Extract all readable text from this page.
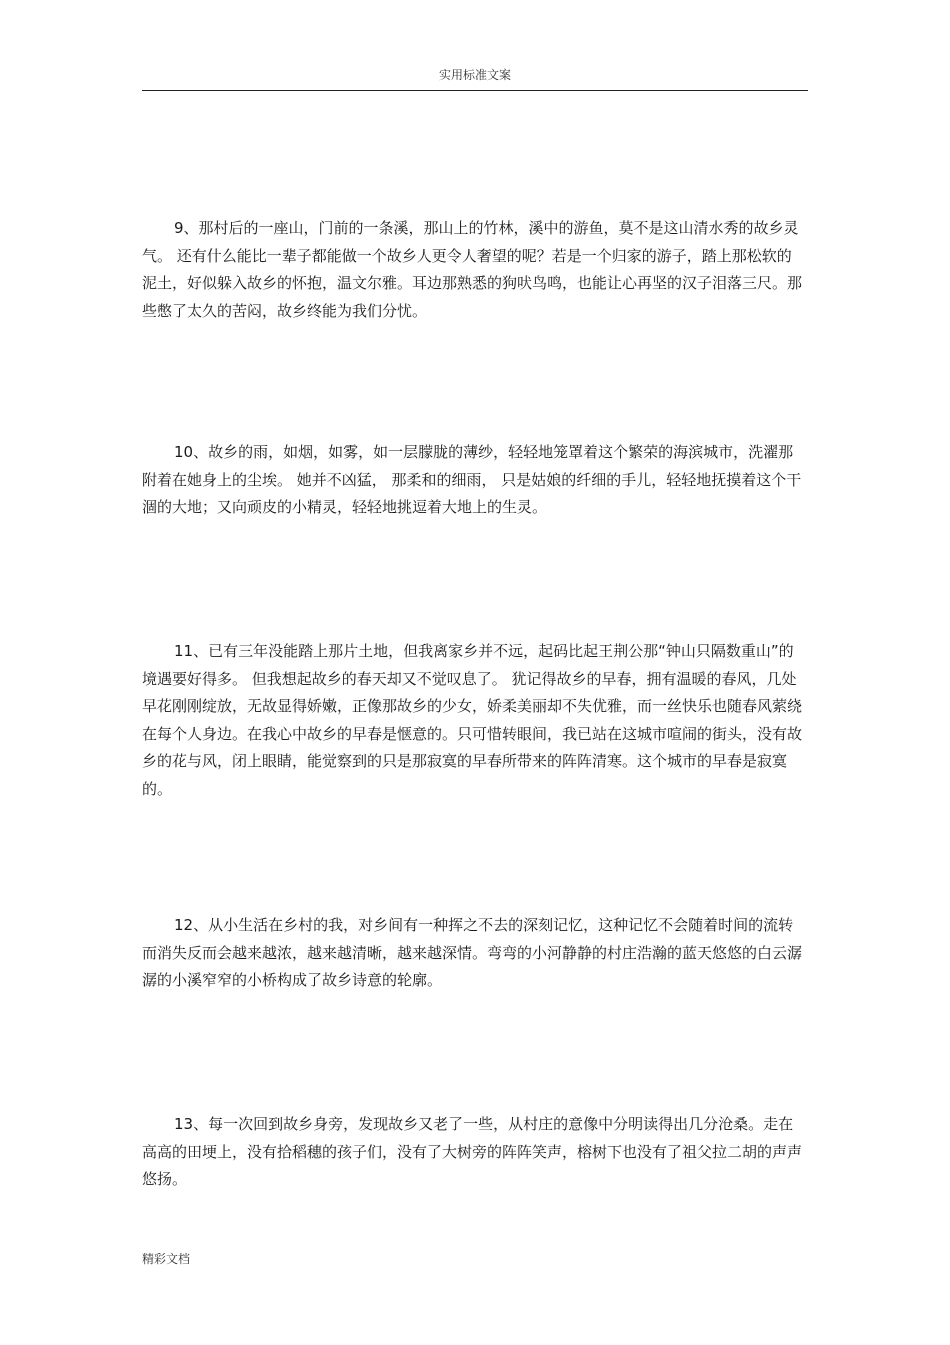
实用标准文案

9、那村后的一座山，门前的一条溪，那山上的竹林，溪中的游鱼，莫不是这山清水秀的故乡灵气。 还有什么能比一辈子都能做一个故乡人更令人奢望的呢？若是一个归家的游子，踏上那松软的泥土，好似躲入故乡的怀抱，温文尔雅。耳边那熟悉的狗吠鸟鸣，也能让心再坚的汉子泪落三尺。那些憋了太久的苦闷，故乡终能为我们分忧。

10、故乡的雨，如烟，如雾，如一层朦胧的薄纱，轻轻地笼罩着这个繁荣的海滨城市，洗濯那附着在她身上的尘埃。 她并不凶猛， 那柔和的细雨， 只是姑娘的纤细的手儿，轻轻地抚摸着这个干涸的大地；又向顽皮的小精灵，轻轻地挑逗着大地上的生灵。

11、已有三年没能踏上那片土地，但我离家乡并不远，起码比起王荆公那“钟山只隔数重山”的境遇要好得多。 但我想起故乡的春天却又不觉叹息了。 犹记得故乡的早春，拥有温暖的春风，几处早花刚刚绽放，无故显得娇嫩，正像那故乡的少女，娇柔美丽却不失优雅，而一丝快乐也随春风萦绕在每个人身边。在我心中故乡的早春是惬意的。只可惜转眼间，我已站在这城市喧闹的街头，没有故乡的花与风，闭上眼睛，能觉察到的只是那寂寞的早春所带来的阵阵清寒。这个城市的早春是寂寞的。

12、从小生活在乡村的我，对乡间有一种挥之不去的深刻记忆，这种记忆不会随着时间的流转而消失反而会越来越浓，越来越清晰，越来越深情。弯弯的小河静静的村庄浩瀚的蓝天悠悠的白云潺潺的小溪窄窄的小桥构成了故乡诗意的轮廓。

13、每一次回到故乡身旁，发现故乡又老了一些，从村庄的意像中分明读得出几分沧桑。走在高高的田埂上，没有拾稻穗的孩子们，没有了大树旁的阵阵笑声，榕树下也没有了祖父拉二胡的声声悠扬。

精彩文档
